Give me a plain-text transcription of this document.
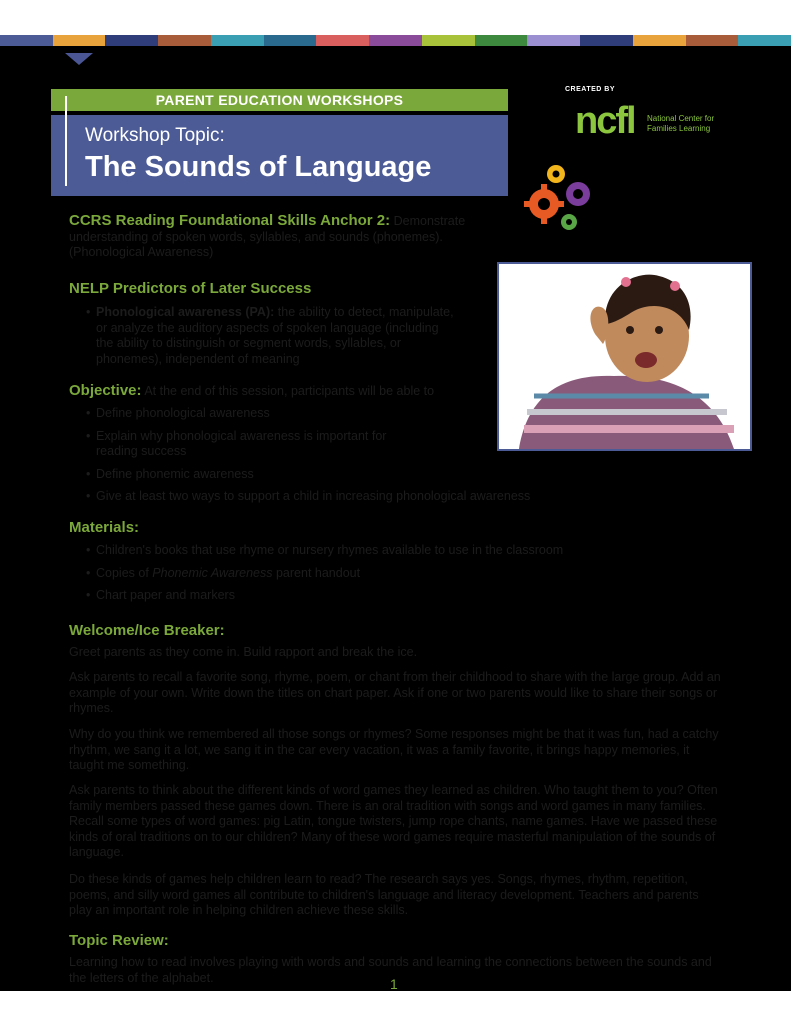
PARENT EDUCATION WORKSHOPS
Workshop Topic:
The Sounds of Language
CREATED BY
ncfl National Center for
Families Learning
CCRS Reading Foundational Skills Anchor 2: Demonstrate understanding of spoken words, syllables, and sounds (phonemes). (Phonological Awareness)
NELP Predictors of Later Success
• Phonological awareness (PA): the ability to detect, manipulate, or analyze the auditory aspects of spoken language (including the ability to distinguish or segment words, syllables, or phonemes), independent of meaning
Objective: At the end of this session, participants will be able to
• Define phonological awareness
• Explain why phonological awareness is important for reading success
• Define phonemic awareness
• Give at least two ways to support a child in increasing phonological awareness
Materials:
• Children's books that use rhyme or nursery rhymes available to use in the classroom
• Copies of Phonemic Awareness parent handout
• Chart paper and markers
Welcome/Ice Breaker:
Greet parents as they come in. Build rapport and break the ice.
Ask parents to recall a favorite song, rhyme, poem, or chant from their childhood to share with the large group. Add an example of your own. Write down the titles on chart paper. Ask if one or two parents would like to share their songs or rhymes.
Why do you think we remembered all those songs or rhymes? Some responses might be that it was fun, had a catchy rhythm, we sang it a lot, we sang it in the car every vacation, it was a family favorite, it brings happy memories, it taught me something.
Ask parents to think about the different kinds of word games they learned as children. Who taught them to you? Often family members passed these games down. There is an oral tradition with songs and word games in many families. Recall some types of word games: pig Latin, tongue twisters, jump rope chants, name games. Have we passed these kinds of oral traditions on to our children? Many of these word games require masterful manipulation of the sounds of language.
Do these kinds of games help children learn to read? The research says yes. Songs, rhymes, rhythm, repetition, poems, and silly word games all contribute to children's language and literacy development. Teachers and parents play an important role in helping children achieve these skills.
Topic Review:
Learning how to read involves playing with words and sounds and learning the connections between the sounds and the letters of the alphabet.	1
